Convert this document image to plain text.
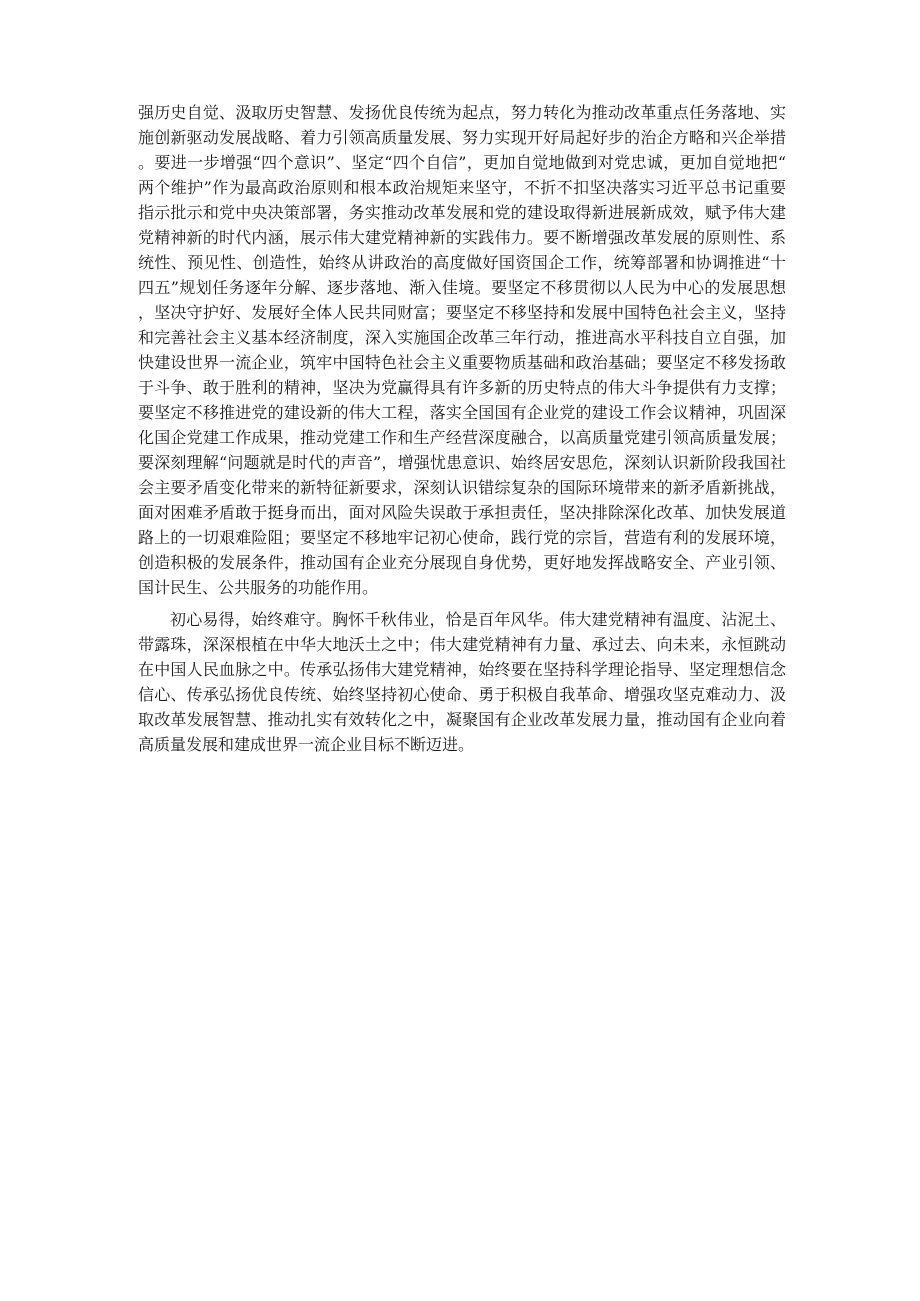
强历史自觉、汲取历史智慧、发扬优良传统为起点，努力转化为推动改革重点任务落地、实施创新驱动发展战略、着力引领高质量发展、努力实现开好局起好步的治企方略和兴企举措。要进一步增强“四个意识”、坚定“四个自信”，更加自觉地做到对党忠诚，更加自觉地把“两个维护”作为最高政治原则和根本政治规矩来坚守，不折不扣坚决落实习近平总书记重要指示批示和党中央决策部署，务实推动改革发展和党的建设取得新进展新成效，赋予伟大建党精神新的时代内涵，展示伟大建党精神新的实践伟力。要不断增强改革发展的原则性、系统性、预见性、创造性，始终从讲政治的高度做好国资国企工作，统筹部署和协调推进“十四五”规划任务逐年分解、逐步落地、渐入佳境。要坚定不移贯彻以人民为中心的发展思想，坚决守护好、发展好全体人民共同财富；要坚定不移坚持和发展中国特色社会主义，坚持和完善社会主义基本经济制度，深入实施国企改革三年行动，推进高水平科技自立自强，加快建设世界一流企业，筑牢中国特色社会主义重要物质基础和政治基础；要坚定不移发扬敢于斗争、敢于胜利的精神，坚决为党赢得具有许多新的历史特点的伟大斗争提供有力支撑；要坚定不移推进党的建设新的伟大工程，落实全国国有企业党的建设工作会议精神，巩固深化国企党建工作成果，推动党建工作和生产经营深度融合，以高质量党建引领高质量发展；要深刻理解“问题就是时代的声音”，增强忧患意识、始终居安思危，深刻认识新阶段我国社会主要矛盾变化带来的新特征新要求，深刻认识错综复杂的国际环境带来的新矛盾新挑战，面对困难矛盾敢于挺身而出，面对风险失误敢于承担责任，坚决排除深化改革、加快发展道路上的一切艰难险阻；要坚定不移地牢记初心使命，践行党的宗旨，营造有利的发展环境，创造积极的发展条件，推动国有企业充分展现自身优势，更好地发挥战略安全、产业引领、国计民生、公共服务的功能作用。

初心易得，始终难守。胸怀千秋伟业，恰是百年风华。伟大建党精神有温度、沾泥土、带露珠，深深根植在中华大地沃土之中；伟大建党精神有力量、承过去、向未来，永恒跳动在中国人民血脉之中。传承弘扬伟大建党精神，始终要在坚持科学理论指导、坚定理想信念信心、传承弘扬优良传统、始终坚持初心使命、勇于积极自我革命、增强攻坚克难动力、汲取改革发展智慧、推动扎实有效转化之中，凝聚国有企业改革发展力量，推动国有企业向着高质量发展和建成世界一流企业目标不断迈进。
